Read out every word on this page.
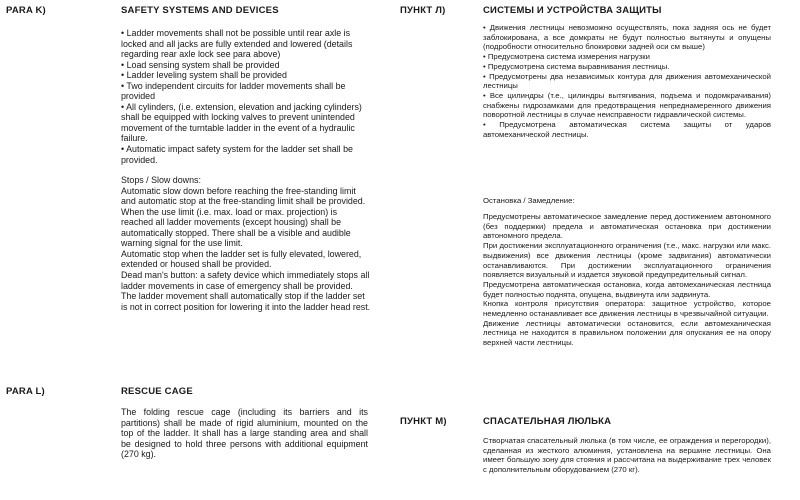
PARA K)	SAFETY SYSTEMS AND DEVICES

• Ladder movements shall not be possible until rear axle is locked and all jacks are fully extended and lowered (details regarding rear axle lock see para above)

• Load sensing system shall be provided

• Ladder leveling system shall be provided

• Two independent circuits for ladder movements shall be provided

• All cylinders, (i.e. extension, elevation and jacking cylinders) shall be equipped with locking valves to prevent unintended movement of the turntable ladder in the event of a hydraulic failure.

• Automatic impact safety system for the ladder set shall be provided.

Stops / Slow downs:

Automatic slow down before reaching the free-standing limit and automatic stop at the free-standing limit shall be provided.

When the use limit (i.e. max. load or max. projection) is reached all ladder movements (except housing) shall be automatically stopped. There shall be a visible and audible warning signal for the use limit.

Automatic stop when the ladder set is fully elevated, lowered, extended or housed shall be provided.

Dead man's button: a safety device which immediately stops all ladder movements in case of emergency shall be provided.

The ladder movement shall automatically stop if the ladder set is not in correct position for lowering it into the ladder head rest.

PARA L)	RESCUE CAGE
The folding rescue cage (including its barriers and its partitions) shall be made of rigid aluminium, mounted on the top of the ladder. It shall has a large standing area and shall be designed to hold three persons with additional equipment (270 kg).
ПУНКТ Л)	СИСТЕМЫ И УСТРОЙСТВА ЗАЩИТЫ

• Движения лестницы невозможно осуществлять, пока задняя ось не будет заблокирована, а все домкраты не будут полностью вытянуты и опущены (подробности относительно блокировки задней оси см выше)

• Предусмотрена система измерения нагрузки

• Предусмотрена система выравнивания лестницы.

• Предусмотрены два независимых контура для движения автомеханической лестницы

• Все цилиндры (т.е., цилиндры вытягивания, подъема и подомкрачивания) снабжены гидрозамками для предотвращения непреднамеренного движения поворотной лестницы в случае неисправности гидравлической системы.

• Предусмотрена автоматическая система защиты от ударов автомеханической лестницы.

Остановка / Замедление:

Предусмотрены автоматическое замедление перед достижением автономного (без поддержки) предела и автоматическая остановка при достижении автономного предела.

При достижении эксплуатационного ограничения (т.е., макс. нагрузки или макс. выдвижения) все движения лестницы (кроме задвигания) автоматически останавливаются. При достижении эксплуатационного ограничения появляется визуальный и издается звуковой предупредительный сигнал.

Предусмотрена автоматическая остановка, когда автомеханическая лестница будет полностью поднята, опущена, выдвинута или задвинута.

Кнопка контроля присутствия оператора: защитное устройство, которое немедленно останавливает все движения лестницы в чрезвычайной ситуации.

Движение лестницы автоматически остановится, если автомеханическая лестница не находится в правильном положении для опускания ее на опору верхней части лестницы.

ПУНКТ М)	СПАСАТЕЛЬНАЯ ЛЮЛЬКА
Створчатая спасательный люлька (в том числе, ее ограждения и перегородки), сделанная из жесткого алюминия, установлена на вершине лестницы. Она имеет большую зону для стояния и рассчитана на выдерживание трех человек с дополнительным оборудованием (270 кг).
